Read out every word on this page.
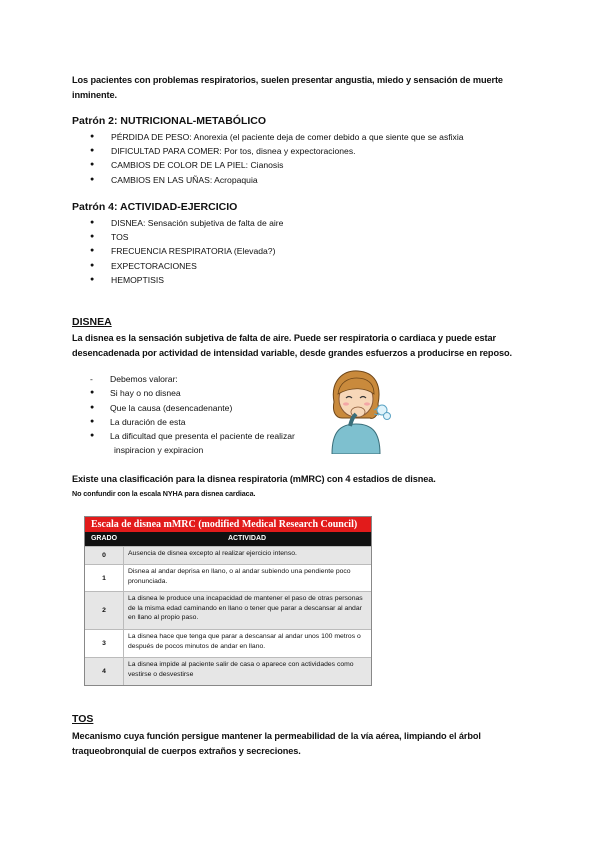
Los pacientes con problemas respiratorios, suelen presentar angustia, miedo y sensación de muerte
inminente.
Patrón 2: NUTRICIONAL-METABÓLICO
● PÉRDIDA DE PESO: Anorexia (el paciente deja de comer debido a que siente que se asfixia
● DIFICULTAD PARA COMER: Por tos, disnea y expectoraciones.
● CAMBIOS DE COLOR DE LA PIEL: Cianosis
● CAMBIOS EN LAS UÑAS: Acropaquia
Patrón 4: ACTIVIDAD-EJERCICIO
● DISNEA: Sensación subjetiva de falta de aire
● TOS
● FRECUENCIA RESPIRATORIA (Elevada?)
● EXPECTORACIONES
● HEMOPTISIS
DISNEA
La disnea es la sensación subjetiva de falta de aire. Puede ser respiratoria o cardiaca y puede estar
desencadenada por actividad de intensidad variable, desde grandes esfuerzos a producirse en reposo.
- Debemos valorar:
● Si hay o no disnea
● Que la causa (desencadenante)
● La duración de esta
● La dificultad que presenta el paciente de realizar
inspiracion y expiracion
Existe una clasificación para la disnea respiratoria (mMRC) con 4 estadios de disnea.
No confundir con la escala NYHA para disnea cardiaca.
Escala de disnea mMRC (modified Medical Research Council)
GRADO	ACTIVIDAD
0	Ausencia de disnea excepto al realizar ejercicio intenso.
1
Disnea al andar deprisa en llano, o al andar subiendo una pendiente poco pronunciada.
2
La disnea le produce una incapacidad de mantener el paso de otras personas de la misma edad caminando en llano o tener que parar a descansar al andar en llano al propio paso.
3
La disnea hace que tenga que parar a descansar al andar unos 100 metros o después de pocos minutos de andar en llano.
4
La disnea impide al paciente salir de casa o aparece con actividades como vestirse o desvestirse
TOS
Mecanismo cuya función persigue mantener la permeabilidad de la vía aérea, limpiando el árbol
traqueobronquial de cuerpos extraños y secreciones.
